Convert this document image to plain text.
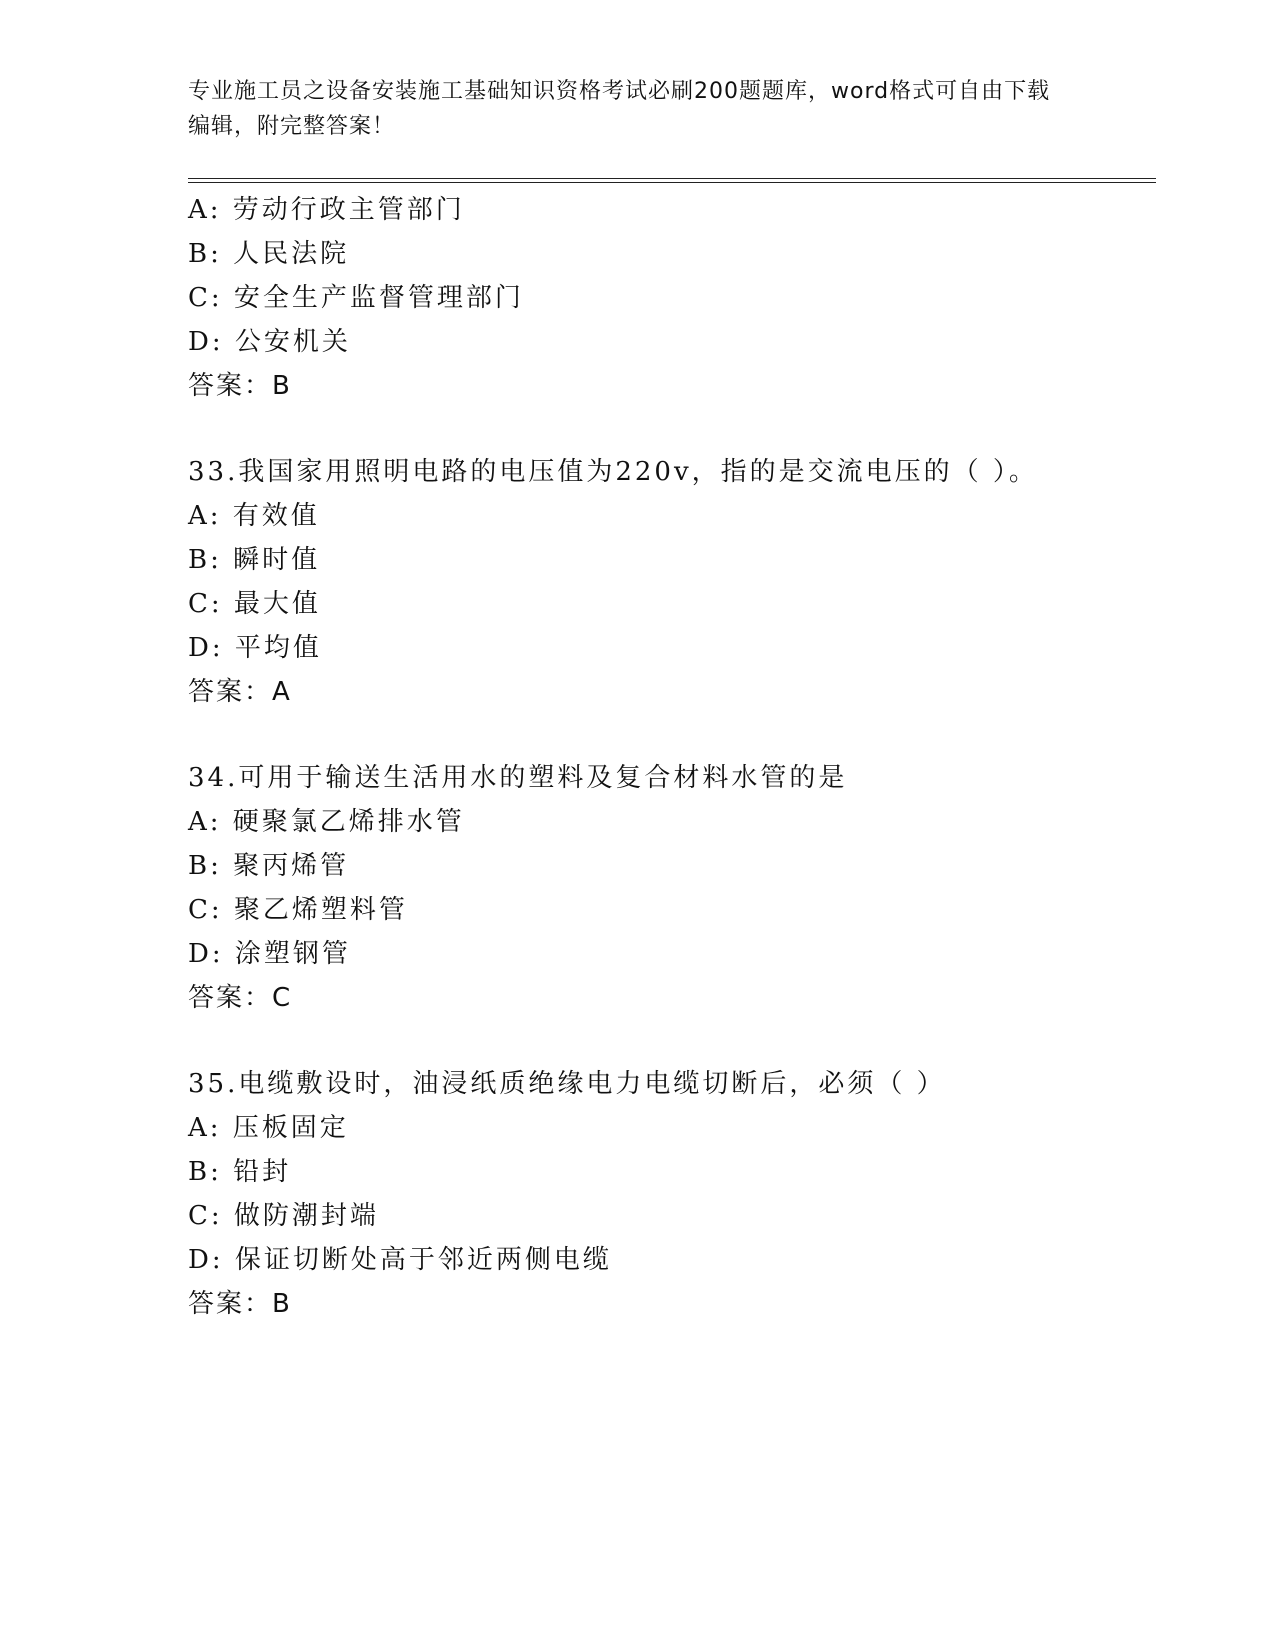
专业施工员之设备安装施工基础知识资格考试必刷200题题库，word格式可自由下载编辑，附完整答案！
A: 劳动行政主管部门
B: 人民法院
C: 安全生产监督管理部门
D: 公安机关
答案：B
33.我国家用照明电路的电压值为220v，指的是交流电压的（ ）。
A: 有效值
B: 瞬时值
C: 最大值
D: 平均值
答案：A
34.可用于输送生活用水的塑料及复合材料水管的是
A: 硬聚氯乙烯排水管
B: 聚丙烯管
C: 聚乙烯塑料管
D: 涂塑钢管
答案：C
35.电缆敷设时，油浸纸质绝缘电力电缆切断后，必须（ ）
A: 压板固定
B: 铅封
C: 做防潮封端
D: 保证切断处高于邻近两侧电缆
答案：B
